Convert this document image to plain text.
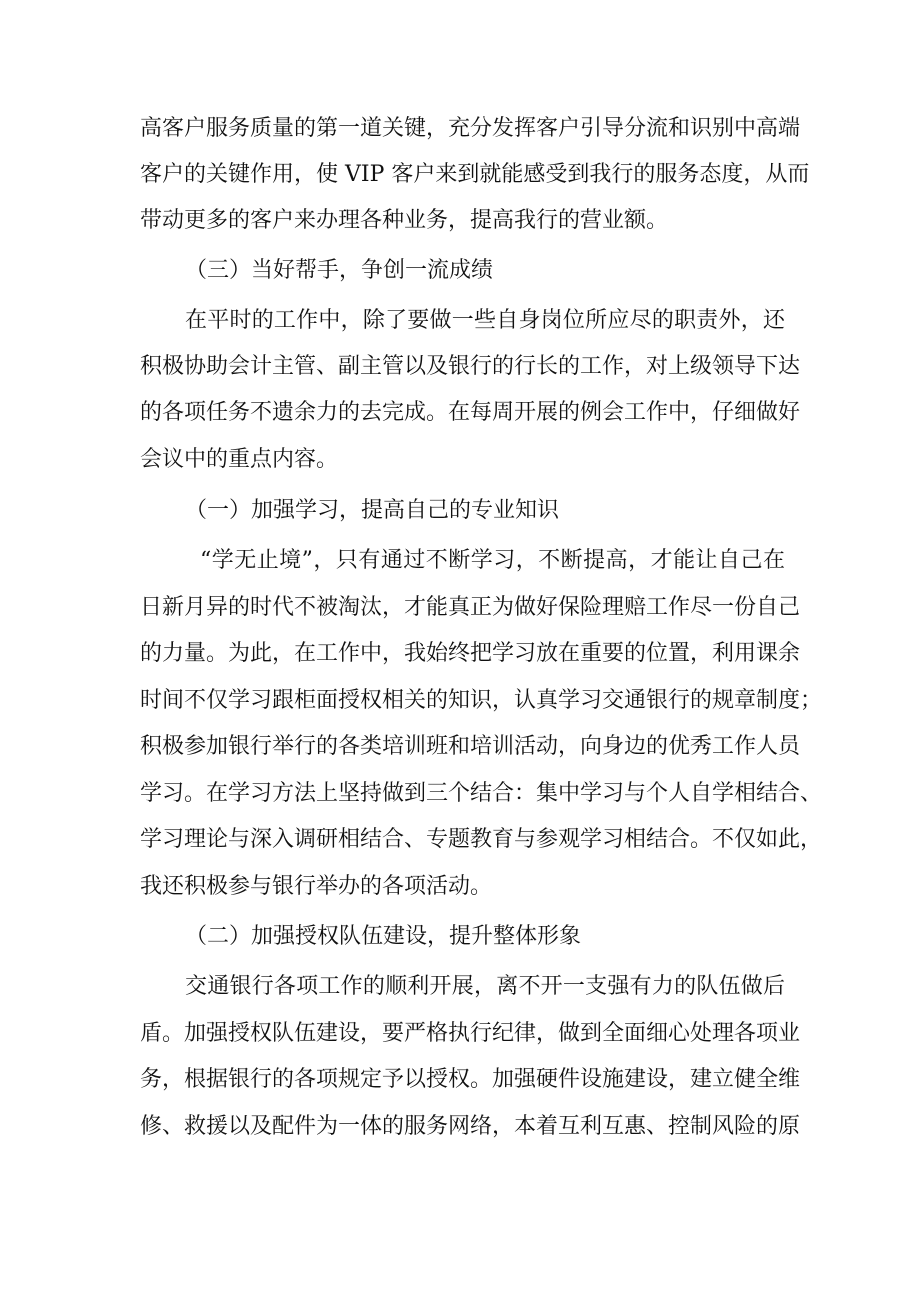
高客户服务质量的第一道关键，充分发挥客户引导分流和识别中高端
客户的关键作用，使 VIP 客户来到就能感受到我行的服务态度，从而
带动更多的客户来办理各种业务，提高我行的营业额。
（三）当好帮手，争创一流成绩
在平时的工作中，除了要做一些自身岗位所应尽的职责外，还
积极协助会计主管、副主管以及银行的行长的工作，对上级领导下达
的各项任务不遗余力的去完成。在每周开展的例会工作中，仔细做好
会议中的重点内容。
（一）加强学习，提高自己的专业知识
“学无止境”，只有通过不断学习，不断提高，才能让自己在
日新月异的时代不被淘汰，才能真正为做好保险理赔工作尽一份自己
的力量。为此，在工作中，我始终把学习放在重要的位置，利用课余
时间不仅学习跟柜面授权相关的知识，认真学习交通银行的规章制度；
积极参加银行举行的各类培训班和培训活动，向身边的优秀工作人员
学习。在学习方法上坚持做到三个结合：集中学习与个人自学相结合、
学习理论与深入调研相结合、专题教育与参观学习相结合。不仅如此，
我还积极参与银行举办的各项活动。
（二）加强授权队伍建设，提升整体形象
交通银行各项工作的顺利开展，离不开一支强有力的队伍做后
盾。加强授权队伍建设，要严格执行纪律，做到全面细心处理各项业
务，根据银行的各项规定予以授权。加强硬件设施建设，建立健全维
修、救援以及配件为一体的服务网络，本着互利互惠、控制风险的原
